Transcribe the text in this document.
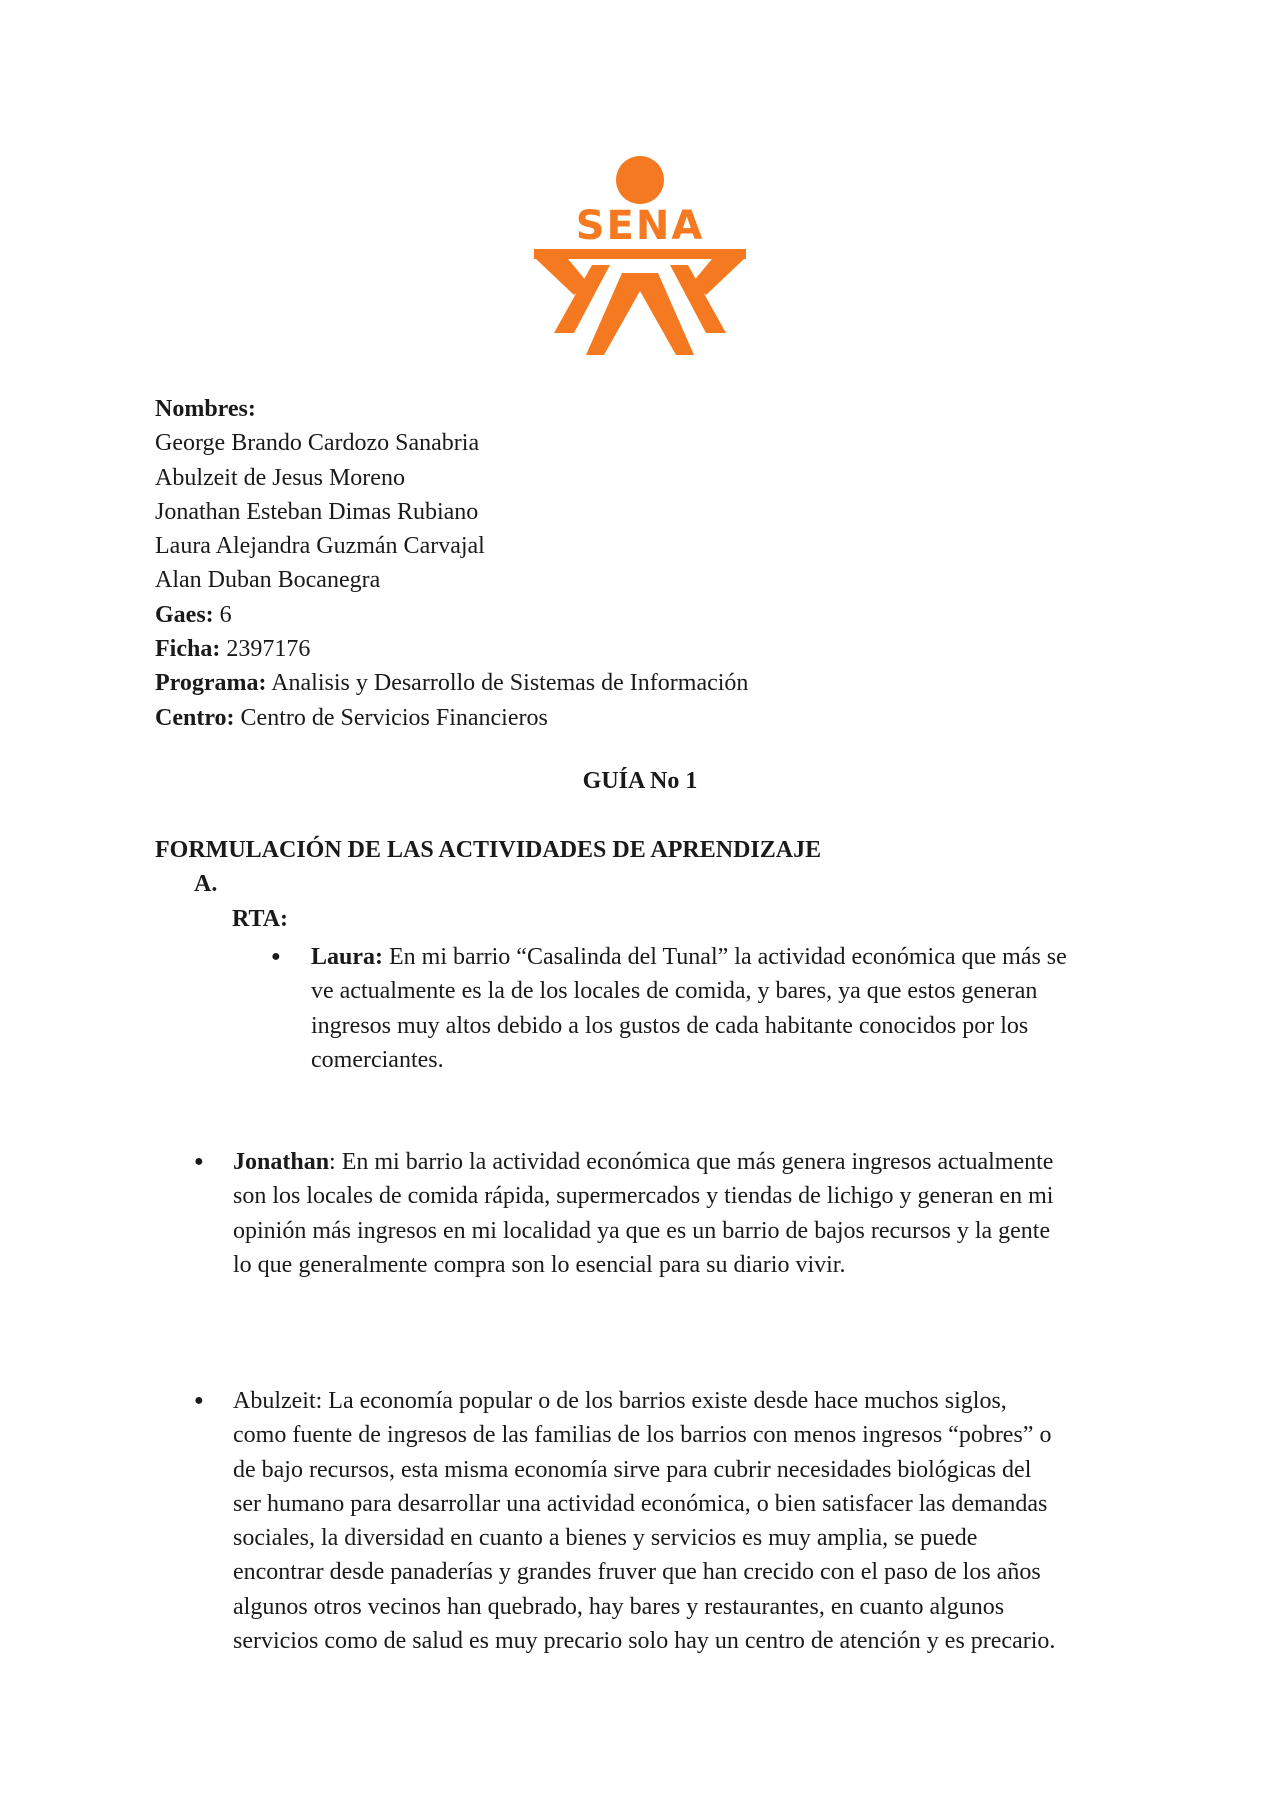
SENA
Nombres:
George Brando Cardozo Sanabria
Abulzeit de Jesus Moreno
Jonathan Esteban Dimas Rubiano
Laura Alejandra Guzmán Carvajal
Alan Duban Bocanegra
Gaes: 6
Ficha: 2397176
Programa: Analisis y Desarrollo de Sistemas de Información
Centro: Centro de Servicios Financieros
GUÍA No 1
FORMULACIÓN DE LAS ACTIVIDADES DE APRENDIZAJE
A.
RTA:
● Laura: En mi barrio “Casalinda del Tunal” la actividad económica que más se
ve actualmente es la de los locales de comida, y bares, ya que estos generan
ingresos muy altos debido a los gustos de cada habitante conocidos por los
comerciantes.
● Jonathan: En mi barrio la actividad económica que más genera ingresos actualmente
son los locales de comida rápida, supermercados y tiendas de lichigo y generan en mi
opinión más ingresos en mi localidad ya que es un barrio de bajos recursos y la gente
lo que generalmente compra son lo esencial para su diario vivir.
● Abulzeit: La economía popular o de los barrios existe desde hace muchos siglos,
como fuente de ingresos de las familias de los barrios con menos ingresos “pobres” o
de bajo recursos, esta misma economía sirve para cubrir necesidades biológicas del
ser humano para desarrollar una actividad económica, o bien satisfacer las demandas
sociales, la diversidad en cuanto a bienes y servicios es muy amplia, se puede
encontrar desde panaderías y grandes fruver que han crecido con el paso de los años
algunos otros vecinos han quebrado, hay bares y restaurantes, en cuanto algunos
servicios como de salud es muy precario solo hay un centro de atención y es precario.
